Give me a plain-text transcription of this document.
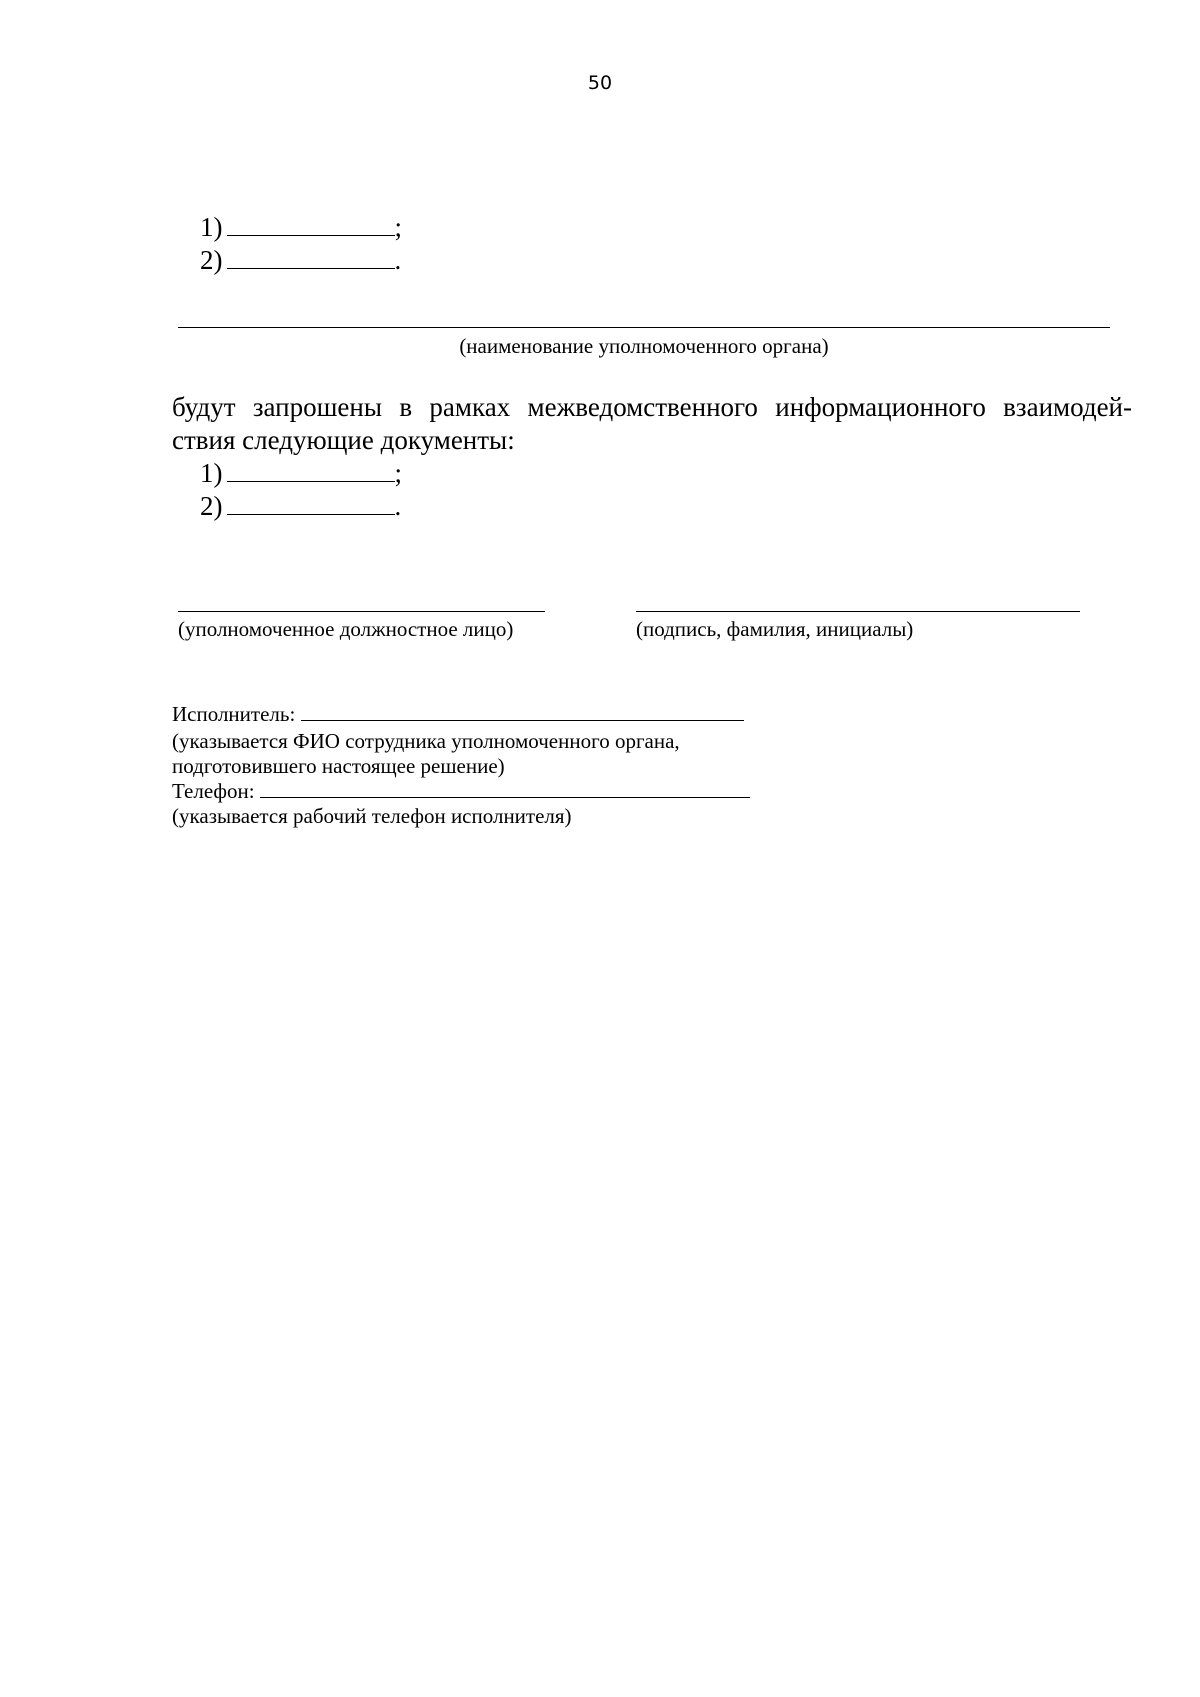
50
1)	;
2)	.
(наименование уполномоченного органа)
будут запрошены в рамках межведомственного информационного взаимодей-
ствия следующие документы:
1)	;
2)	.
(уполномоченное должностное лицо)	(подпись, фамилия, инициалы)
Исполнитель:
(указывается ФИО сотрудника уполномоченного органа,
подготовившего настоящее решение)
Телефон:
(указывается рабочий телефон исполнителя)
